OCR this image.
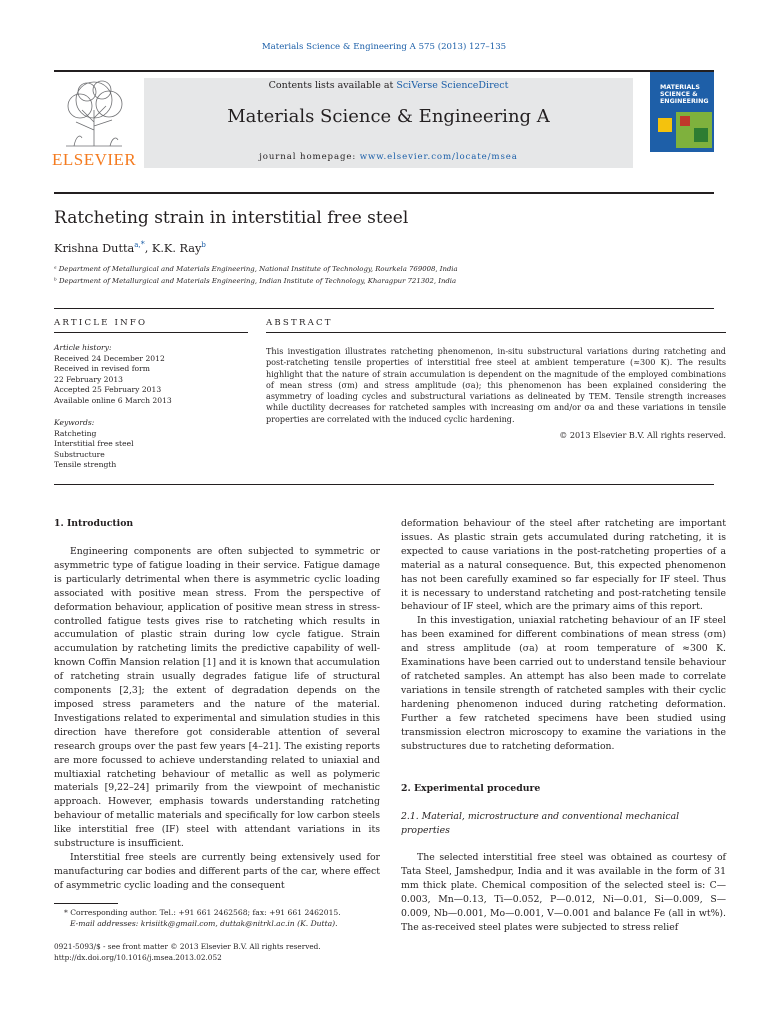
Materials Science & Engineering A 575 (2013) 127–135
ELSEVIER
Contents lists available at SciVerse ScienceDirect
Materials Science & Engineering A
journal homepage: www.elsevier.com/locate/msea
MATERIALS SCIENCE & ENGINEERING
Ratcheting strain in interstitial free steel
Krishna Dutta$^{a,*}$, K.K. Ray$^b$
ᵃ Department of Metallurgical and Materials Engineering, National Institute of Technology, Rourkela 769008, India
ᵇ Department of Metallurgical and Materials Engineering, Indian Institute of Technology, Kharagpur 721302, India
ARTICLE INFO
Article history:
Received 24 December 2012
Received in revised form
22 February 2013
Accepted 25 February 2013
Available online 6 March 2013
Keywords:
Ratcheting
Interstitial free steel
Substructure
Tensile strength
ABSTRACT
This investigation illustrates ratcheting phenomenon, in-situ substructural variations during ratcheting and post-ratcheting tensile properties of interstitial free steel at ambient temperature (≈300 K). The results highlight that the nature of strain accumulation is dependent on the magnitude of the employed combinations of mean stress (σm) and stress amplitude (σa); this phenomenon has been explained considering the asymmetry of loading cycles and substructural variations as delineated by TEM. Tensile strength increases while ductility decreases for ratcheted samples with increasing σm and/or σa and these variations in tensile properties are correlated with the induced cyclic hardening.
© 2013 Elsevier B.V. All rights reserved.
1. Introduction

Engineering components are often subjected to symmetric or asymmetric type of fatigue loading in their service. Fatigue damage is particularly detrimental when there is asymmetric cyclic loading associated with positive mean stress. From the perspective of deformation behaviour, application of positive mean stress in stress-controlled fatigue tests gives rise to ratcheting which results in accumulation of plastic strain during low cycle fatigue. Strain accumulation by ratcheting limits the predictive capability of well-known Coffin Mansion relation [1] and it is known that accumulation of ratcheting strain usually degrades fatigue life of structural components [2,3]; the extent of degradation depends on the imposed stress parameters and the nature of the material. Investigations related to experimental and simulation studies in this direction have therefore got considerable attention of several research groups over the past few years [4–21]. The existing reports are more focussed to achieve understanding related to uniaxial and multiaxial ratcheting behaviour of metallic as well as polymeric materials [9,22–24] primarily from the viewpoint of mechanistic approach. However, emphasis towards understanding ratcheting behaviour of metallic materials and specifically for low carbon steels like interstitial free (IF) steel with attendant variations in its substructure is insufficient.

Interstitial free steels are currently being extensively used for manufacturing car bodies and different parts of the car, where effect of asymmetric cyclic loading and the consequent

deformation behaviour of the steel after ratcheting are important issues. As plastic strain gets accumulated during ratcheting, it is expected to cause variations in the post-ratcheting properties of a material as a natural consequence. But, this expected phenomenon has not been carefully examined so far especially for IF steel. Thus it is necessary to understand ratcheting and post-ratcheting tensile behaviour of IF steel, which are the primary aims of this report.

In this investigation, uniaxial ratcheting behaviour of an IF steel has been examined for different combinations of mean stress (σm) and stress amplitude (σa) at room temperature of ≈300 K. Examinations have been carried out to understand tensile behaviour of ratcheted samples. An attempt has also been made to correlate variations in tensile strength of ratcheted samples with their cyclic hardening phenomenon induced during ratcheting deformation. Further a few ratcheted specimens have been studied using transmission electron microscopy to examine the variations in the substructures due to ratcheting deformation.

2. Experimental procedure
2.1. Material, microstructure and conventional mechanical properties

The selected interstitial free steel was obtained as courtesy of Tata Steel, Jamshedpur, India and it was available in the form of 31 mm thick plate. Chemical composition of the selected steel is: C—0.003, Mn—0.13, Ti—0.052, P—0.012, Ni—0.01, Si—0.009, S—0.009, Nb—0.001, Mo—0.001, V—0.001 and balance Fe (all in wt%). The as-received steel plates were subjected to stress relief

* Corresponding author. Tel.: +91 661 2462568; fax: +91 661 2462015.
E-mail addresses: krisiitk@gmail.com, duttak@nitrkl.ac.in (K. Dutta).
0921-5093/$ - see front matter © 2013 Elsevier B.V. All rights reserved.
http://dx.doi.org/10.1016/j.msea.2013.02.052
